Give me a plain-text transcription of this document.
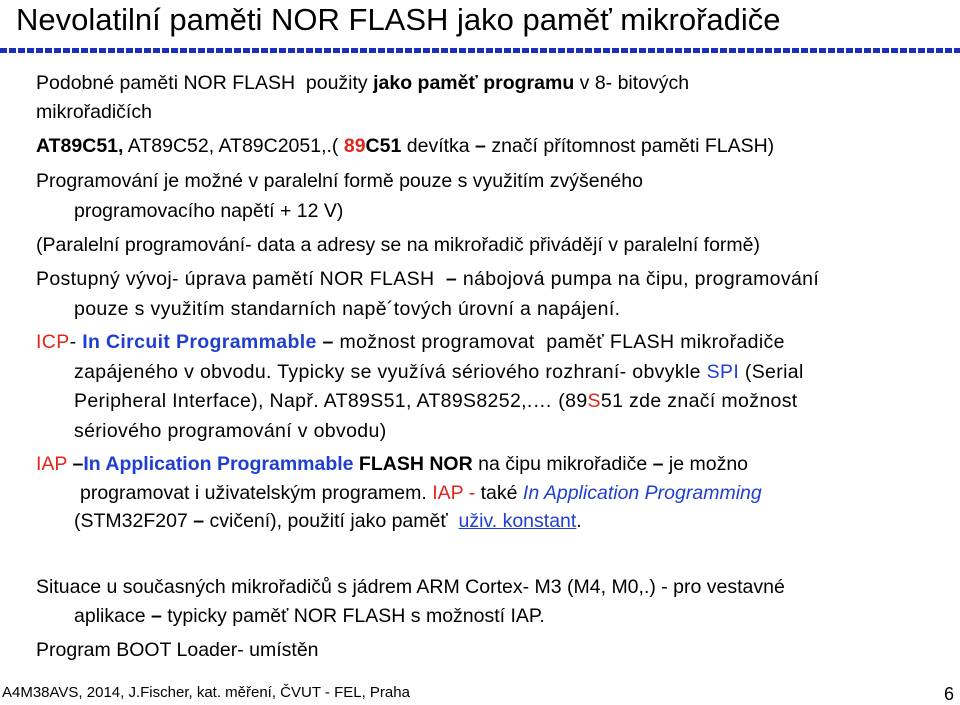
Nevolatilní paměti NOR FLASH jako paměť mikrořadiče
Podobné paměti NOR FLASH  použity jako paměť programu v 8- bitových
mikrořadičích
AT89C51, AT89C52, AT89C2051,.( 89C51 devítka – značí přítomnost paměti FLASH)
Programování je možné v paralelní formě pouze s využitím zvýšeného
programovacího napětí + 12 V)
(Paralelní programování- data a adresy se na mikrořadič přivádějí v paralelní formě)
Postupný vývoj- úprava pamětí NOR FLASH  – nábojová pumpa na čipu, programování
pouze s využitím standarních napě´tových úrovní a napájení.
ICP- In Circuit Programmable – možnost programovat  paměť FLASH mikrořadiče
zapájeného v obvodu. Typicky se využívá sériového rozhraní- obvykle SPI (Serial
Peripheral Interface), Např. AT89S51, AT89S8252,.… (89S51 zde značí možnost
sériového programování v obvodu)
IAP –In Application Programmable FLASH NOR na čipu mikrořadiče – je možno
programovat i uživatelským programem. IAP - také In Application Programming
(STM32F207 – cvičení), použití jako paměť  uživ. konstant.
Situace u současných mikrořadičů s jádrem ARM Cortex- M3 (M4, M0,.) - pro vestavné
aplikace – typicky paměť NOR FLASH s možností IAP.
Program BOOT Loader- umístěn
A4M38AVS, 2014, J.Fischer, kat. měření, ČVUT - FEL, Praha	6
